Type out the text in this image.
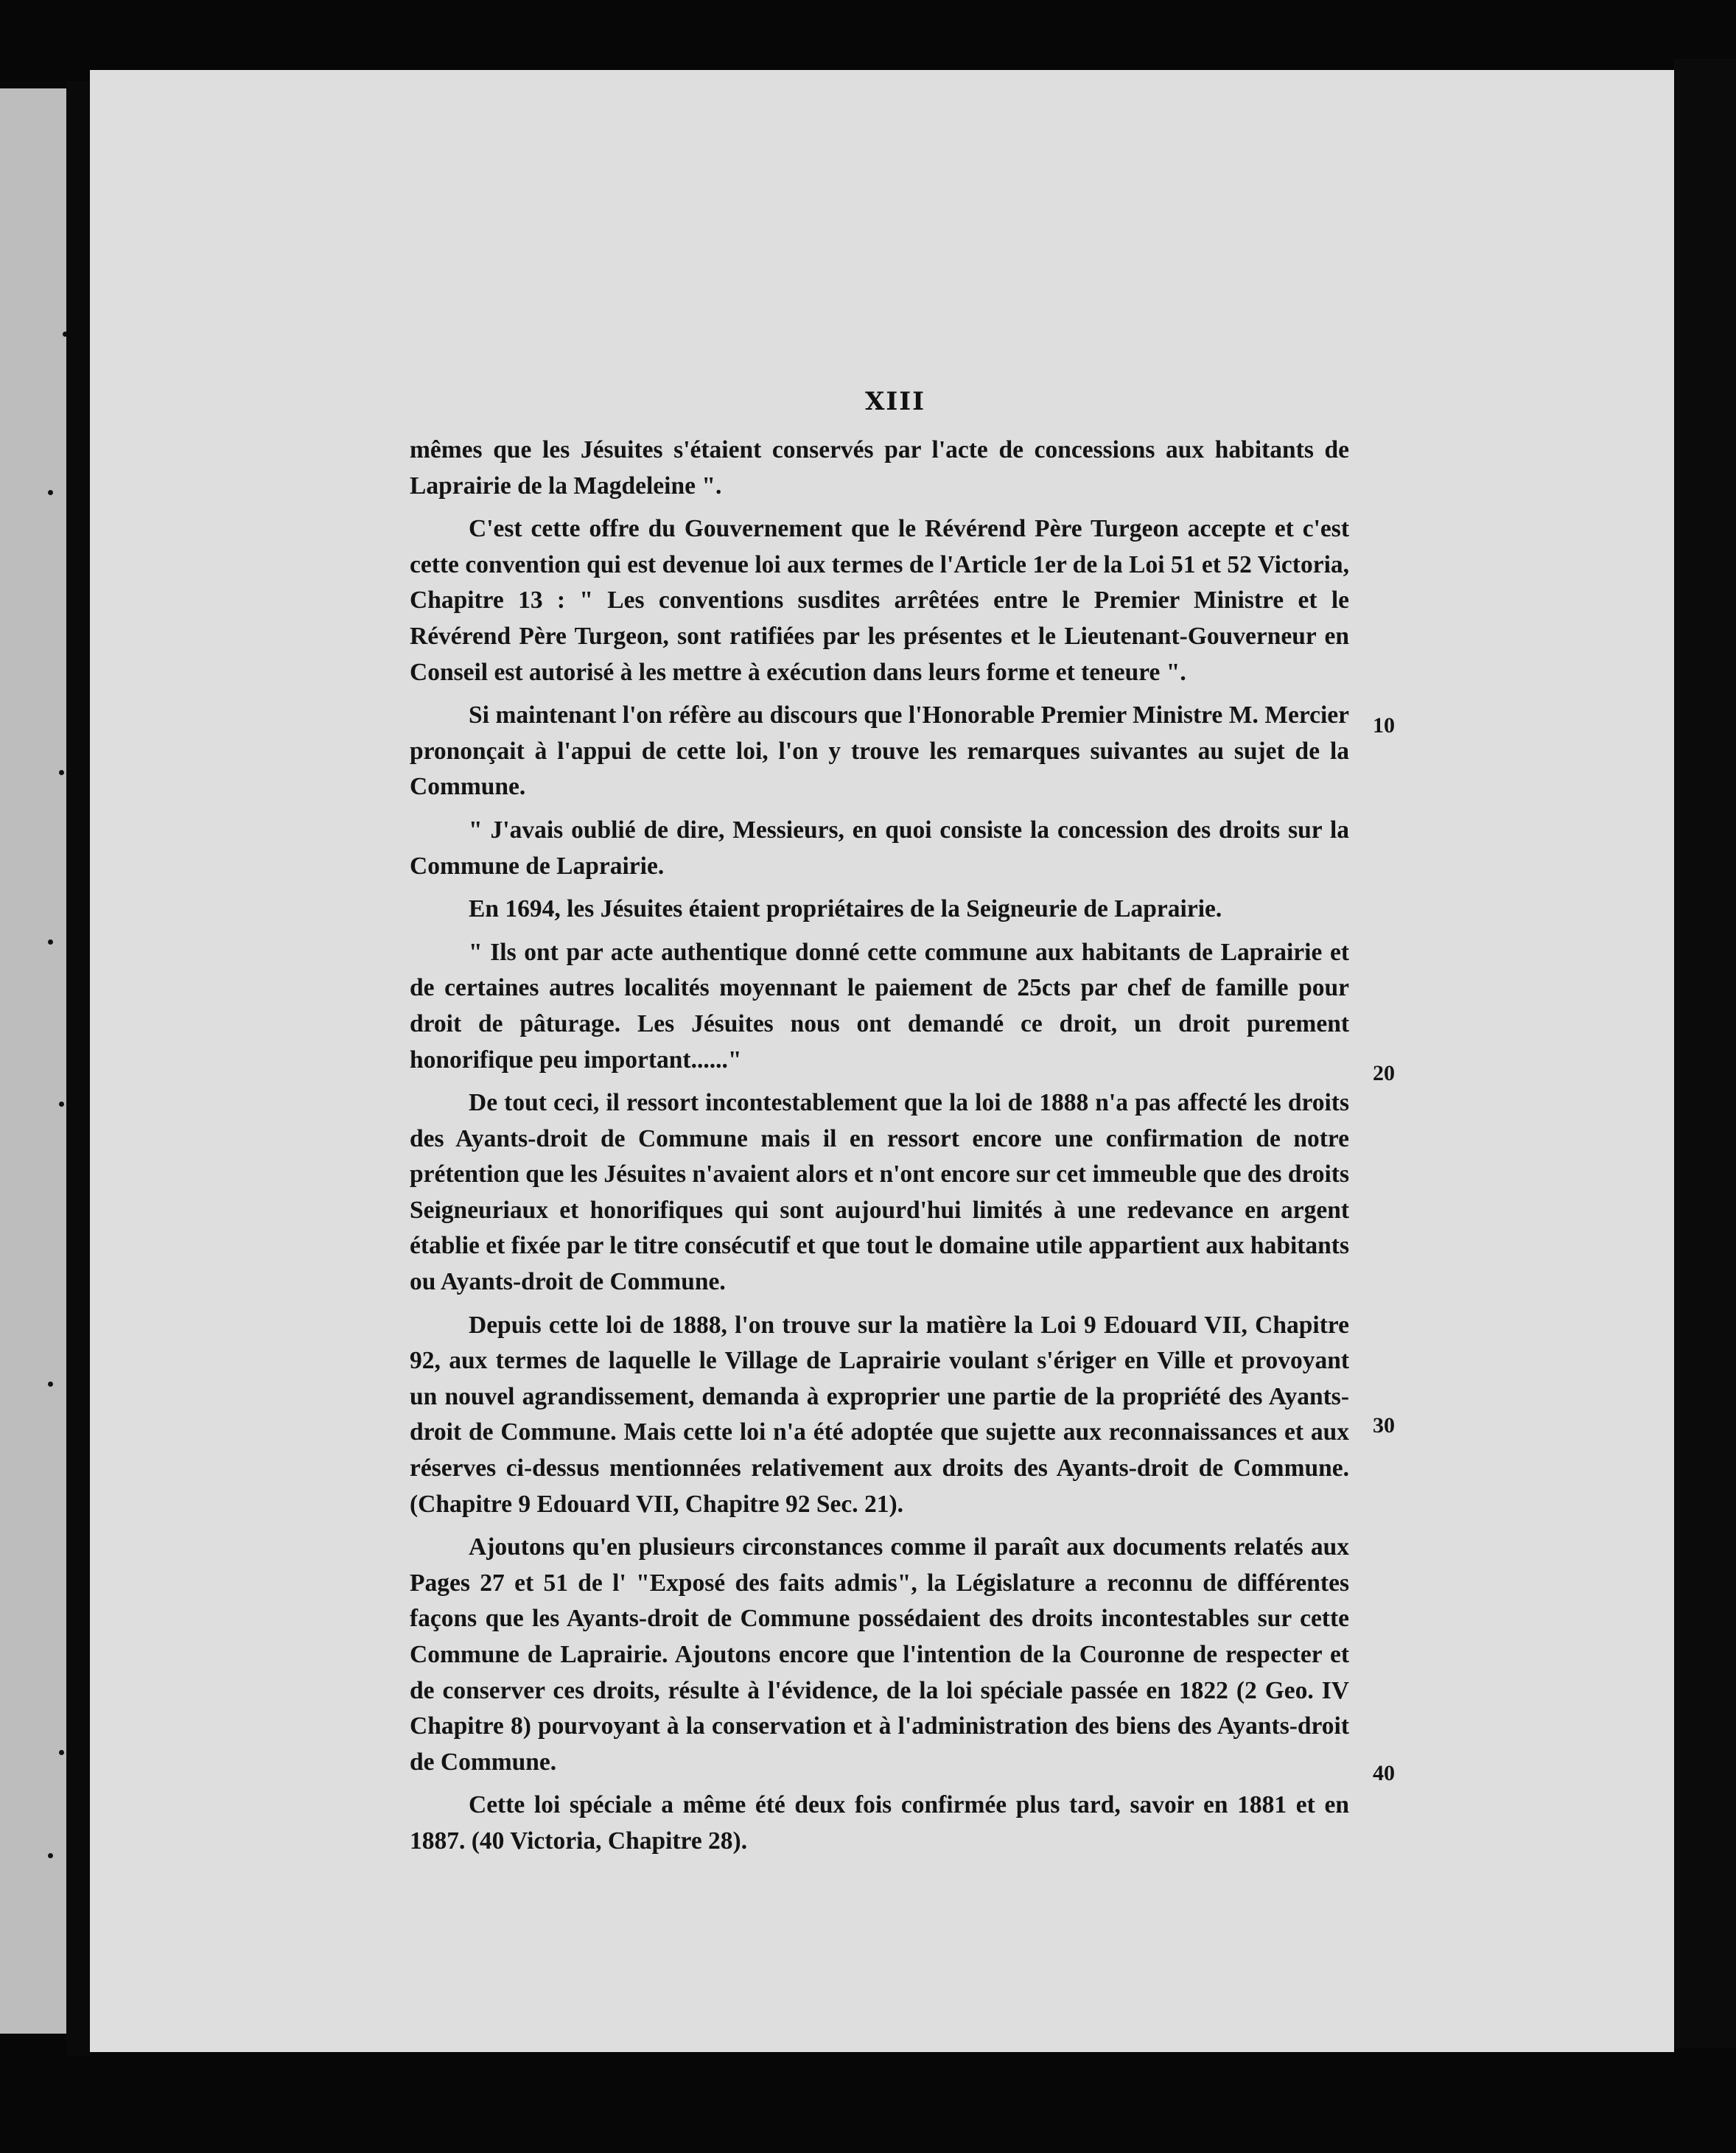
XIII

mêmes que les Jésuites s'étaient conservés par l'acte de concessions aux habitants de Laprairie de la Magdeleine ".

C'est cette offre du Gouvernement que le Révérend Père Turgeon accepte et c'est cette convention qui est devenue loi aux termes de l'Article 1er de la Loi 51 et 52 Victoria, Chapitre 13 : " Les conventions susdites arrêtées entre le Premier Ministre et le Révérend Père Turgeon, sont ratifiées par les présentes et le Lieutenant-Gouverneur en Conseil est autorisé à les mettre à exécution dans leurs forme et teneure ".

Si maintenant l'on réfère au discours que l'Honorable Premier Ministre M. Mercier prononçait à l'appui de cette loi, l'on y trouve les remarques suivantes au sujet de la Commune.

" J'avais oublié de dire, Messieurs, en quoi consiste la concession des droits sur la Commune de Laprairie.

En 1694, les Jésuites étaient propriétaires de la Seigneurie de Laprairie.

" Ils ont par acte authentique donné cette commune aux habitants de Laprairie et de certaines autres localités moyennant le paiement de 25cts par chef de famille pour droit de pâturage. Les Jésuites nous ont demandé ce droit, un droit purement honorifique peu important......"

De tout ceci, il ressort incontestablement que la loi de 1888 n'a pas affecté les droits des Ayants-droit de Commune mais il en ressort encore une confirmation de notre prétention que les Jésuites n'avaient alors et n'ont encore sur cet immeuble que des droits Seigneuriaux et honorifiques qui sont aujourd'hui limités à une redevance en argent établie et fixée par le titre consécutif et que tout le domaine utile appartient aux habitants ou Ayants-droit de Commune.

Depuis cette loi de 1888, l'on trouve sur la matière la Loi 9 Edouard VII, Chapitre 92, aux termes de laquelle le Village de Laprairie voulant s'ériger en Ville et provoyant un nouvel agrandissement, demanda à exproprier une partie de la propriété des Ayants-droit de Commune. Mais cette loi n'a été adoptée que sujette aux reconnaissances et aux réserves ci-dessus mentionnées relativement aux droits des Ayants-droit de Commune. (Chapitre 9 Edouard VII, Chapitre 92 Sec. 21).

Ajoutons qu'en plusieurs circonstances comme il paraît aux documents relatés aux Pages 27 et 51 de l' "Exposé des faits admis", la Législature a reconnu de différentes façons que les Ayants-droit de Commune possédaient des droits incontestables sur cette Commune de Laprairie. Ajoutons encore que l'intention de la Couronne de respecter et de conserver ces droits, résulte à l'évidence, de la loi spéciale passée en 1822 (2 Geo. IV Chapitre 8) pourvoyant à la conservation et à l'administration des biens des Ayants-droit de Commune.

Cette loi spéciale a même été deux fois confirmée plus tard, savoir en 1881 et en 1887. (40 Victoria, Chapitre 28).

10
20
30
40
